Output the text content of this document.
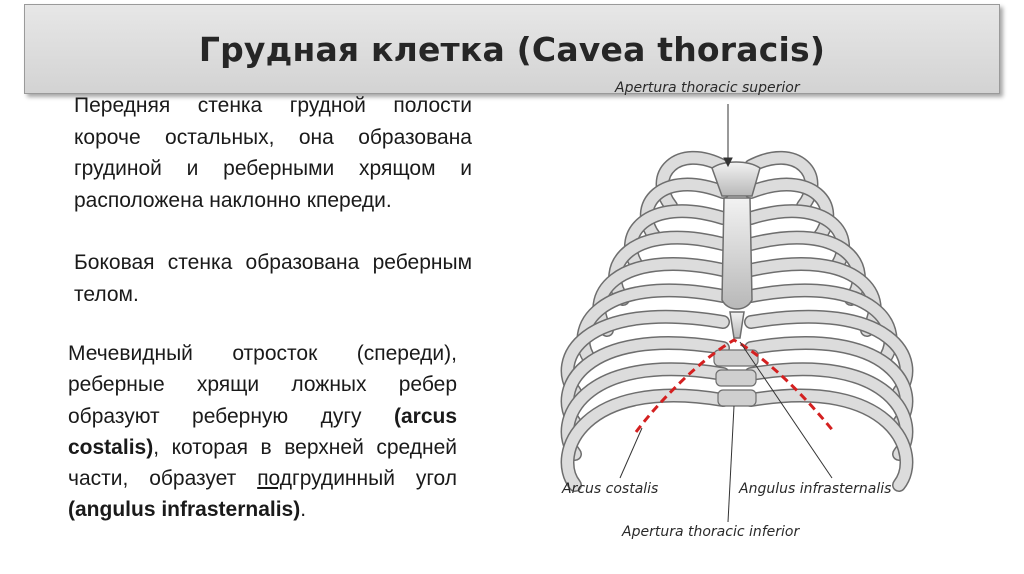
Грудная клетка (Cavea thoracis)

Передняя стенка грудной полости короче остальных, она образована грудиной и реберными хрящом и расположена наклонно кпереди.

Боковая стенка образована реберным телом.

Мечевидный отросток (спереди), реберные хрящи ложных ребер образуют реберную дугу (arcus costalis), которая в верхней средней части, образует подгрудинный угол (angulus infrasternalis).

Apertura thoracic superior
Arcus costalis	Angulus infrasternalis
Apertura thoracic inferior
